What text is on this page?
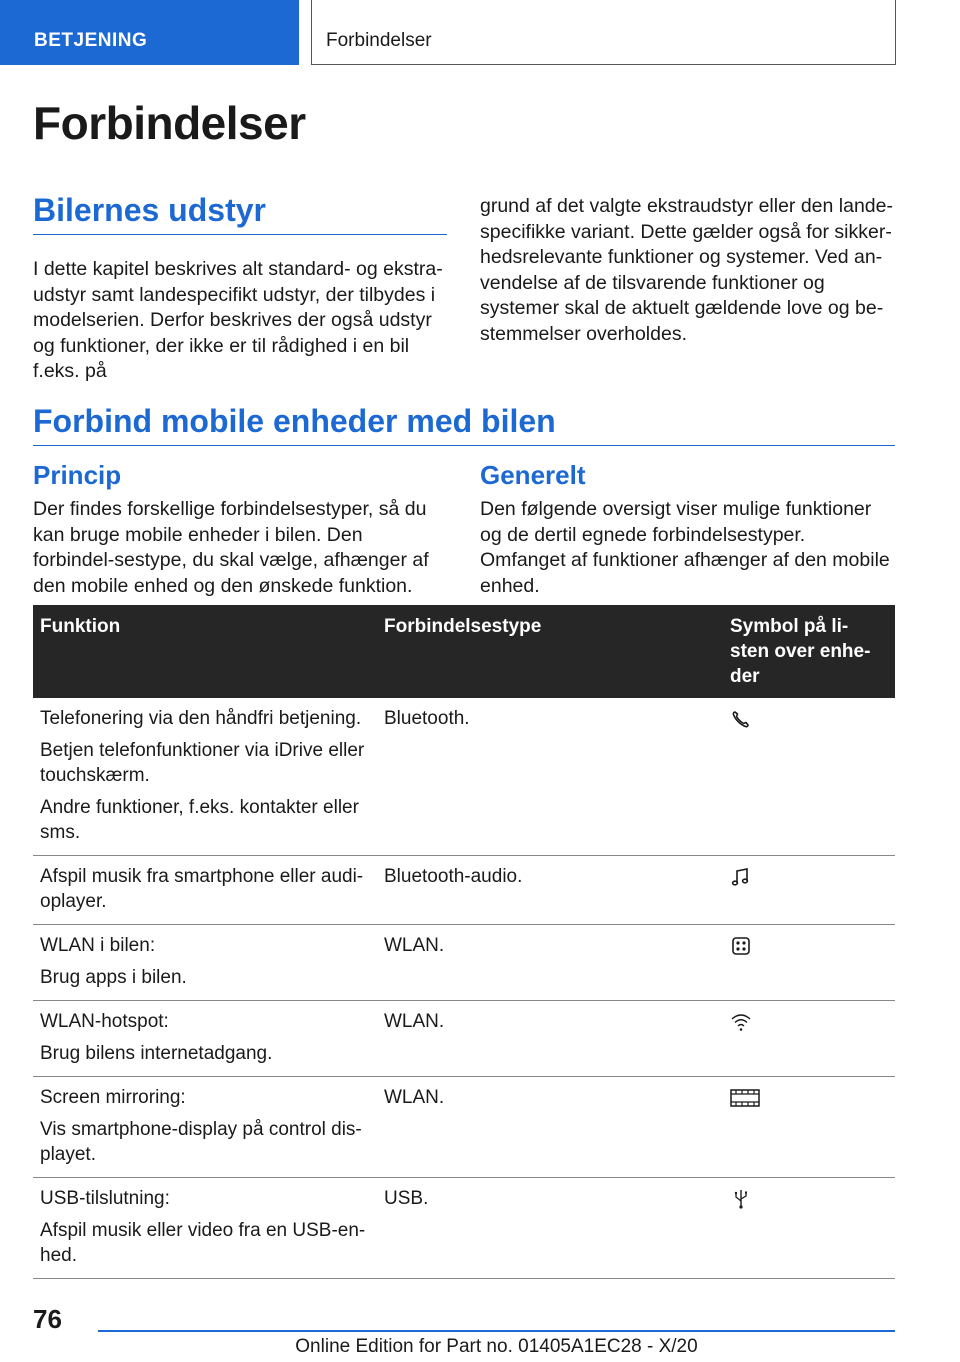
BETJENING	Forbindelser
Forbindelser
Bilernes udstyr

I dette kapitel beskrives alt standard- og ekstra-udstyr samt landespecifikt udstyr, der tilbydes i modelserien. Derfor beskrives der også udstyr og funktioner, der ikke er til rådighed i en bil f.eks. på

grund af det valgte ekstraudstyr eller den lande-specifikke variant. Dette gælder også for sikker-hedsrelevante funktioner og systemer. Ved an-vendelse af de tilsvarende funktioner og systemer skal de aktuelt gældende love og be-stemmelser overholdes.

Forbind mobile enheder med bilen
Princip

Der findes forskellige forbindelsestyper, så du kan bruge mobile enheder i bilen. Den forbindel-sestype, du skal vælge, afhænger af den mobile enhed og den ønskede funktion.

Generelt

Den følgende oversigt viser mulige funktioner og de dertil egnede forbindelsestyper. Omfanget af funktioner afhænger af den mobile enhed.

Funktion	Forbindelsestype	Symbol på li-sten over enhe-der

Telefonering via den håndfri betjening.

Betjen telefonfunktioner via iDrive eller touchskærm.

Andre funktioner, f.eks. kontakter eller sms.	Bluetooth.	

Afspil musik fra smartphone eller audi-oplayer.	Bluetooth-audio.	

WLAN i bilen:

Brug apps i bilen.	WLAN.	

WLAN-hotspot:

Brug bilens internetadgang.	WLAN.	

Screen mirroring:

Vis smartphone-display på control dis-playet.	WLAN.	

USB-tilslutning:

Afspil musik eller video fra en USB-en-hed.	USB.	
76
Online Edition for Part no. 01405A1EC28 - X/20
